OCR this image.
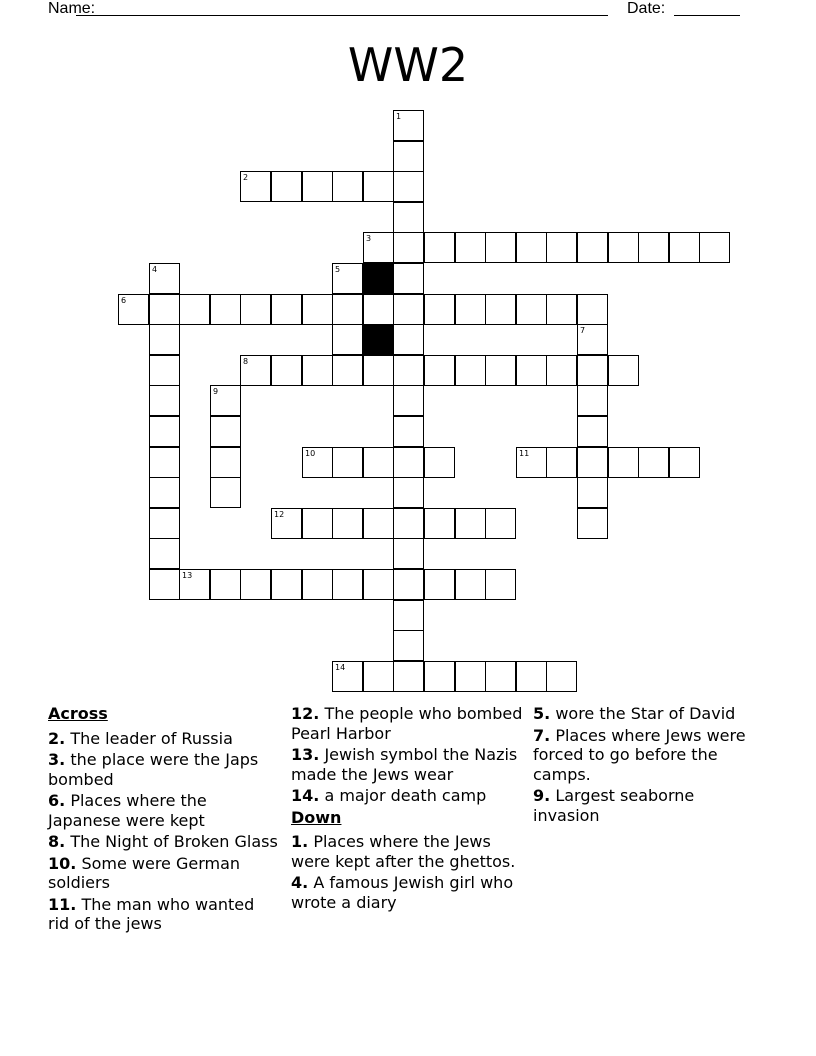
Name:	Date:
WW2
1
2
3
4	5
6
7
8
9
10	11
12
13
14
Across
2. The leader of Russia
3. the place were the Japs bombed
6. Places where the Japanese were kept
8. The Night of Broken Glass
10. Some were German soldiers
11. The man who wanted rid of the jews
12. The people who bombed Pearl Harbor
13. Jewish symbol the Nazis made the Jews wear
14. a major death camp
Down
1. Places where the Jews were kept after the ghettos.
4. A famous Jewish girl who wrote a diary
5. wore the Star of David
7. Places where Jews were forced to go before the camps.
9. Largest seaborne invasion
